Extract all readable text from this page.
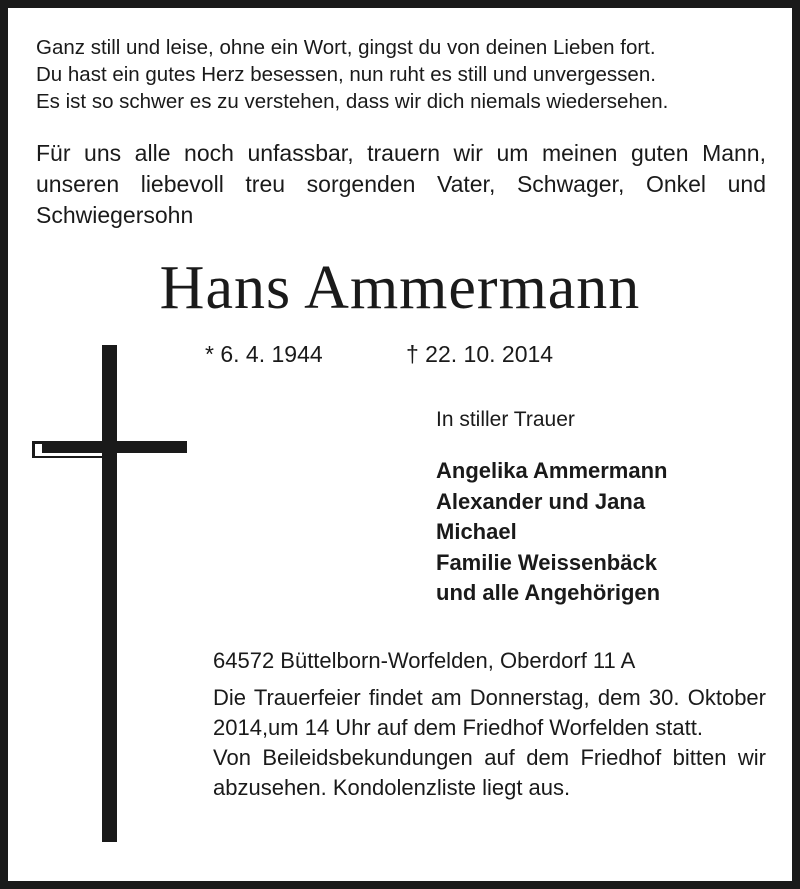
Ganz still und leise, ohne ein Wort, gingst du von deinen Lieben fort.
Du hast ein gutes Herz besessen, nun ruht es still und unvergessen.
Es ist so schwer es zu verstehen, dass wir dich niemals wiedersehen.
Für uns alle noch unfassbar, trauern wir um meinen guten Mann, unseren liebevoll treu sorgenden Vater, Schwager, Onkel und Schwiegersohn
Hans Ammermann
* 6. 4. 1944	† 22. 10. 2014
In stiller Trauer
Angelika Ammermann
Alexander und Jana
Michael
Familie Weissenbäck
und alle Angehörigen
64572 Büttelborn-Worfelden, Oberdorf 11 A

Die Trauerfeier findet am Donnerstag, dem 30. Oktober 2014,um 14 Uhr auf dem Friedhof Worfelden statt.

Von Beileidsbekundungen auf dem Friedhof bitten wir abzusehen. Kondolenzliste liegt aus.
